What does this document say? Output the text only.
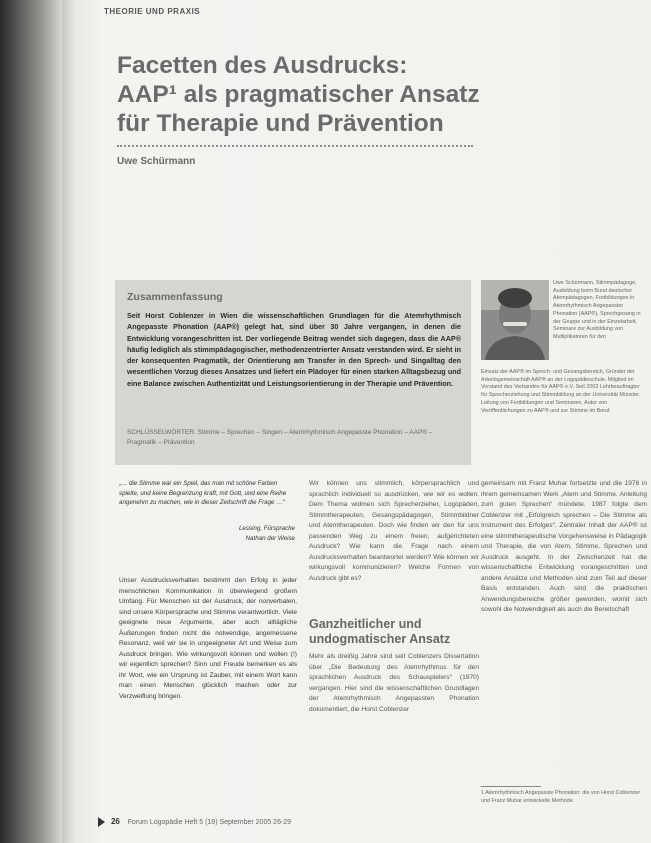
THEORIE UND PRAXIS
Facetten des Ausdrucks:
AAP¹ als pragmatischer Ansatz
für Therapie und Prävention
Uwe Schürmann
Zusammenfassung
Seit Horst Coblenzer in Wien die wissenschaftlichen Grundlagen für die Atemrhythmisch Angepasste Phonation (AAP®) gelegt hat, sind über 30 Jahre vergangen, in denen die Entwicklung vorangeschritten ist. Der vorliegende Beitrag wendet sich dagegen, dass die AAP® häufig lediglich als stimmpädagogischer, methodenzentrierter Ansatz verstanden wird. Er sieht in der konsequenten Pragmatik, der Orientierung am Transfer in den Sprech- und Singalltag den wesentlichen Vorzug dieses Ansatzes und liefert ein Plädoyer für einen starken Alltagsbezug und eine Balance zwischen Authentizität und Leistungsorientierung in der Therapie und Prävention.
SCHLÜSSELWÖRTER: Stimme – Sprechen – Singen – Atemrhythmisch Angepasste Phonation – AAP® – Pragmatik – Prävention
Uwe Schürmann, Stimmpädagoge, Ausbildung beim Bund deutscher Atempädagogen, Fortbildungen in Atemrhythmisch Angepasster Phonation (AAP®), Sprechgesang in der Gruppe und in der Einzelarbeit, Seminare zur Ausbildung von Multiplikatoren für den
Einsatz der AAP® im Sprech- und Gesangsbereich, Gründer der Arbeitsgemeinschaft AAP® an der Logopädieschule. Mitglied im Vorstand des Verbandes für AAP® e.V. Seit 2002 Lehrbeauftragter für Sprecherziehung und Stimmbildung an der Universität Münster. Leitung von Fortbildungen und Seminaren, Autor von Veröffentlichungen zu AAP® und zur Stimme im Beruf.
„… die Stimme war ein Spiel, das man mit schöne Farben spielte, und keine Begrenzung kraft, mit Gott, und eine Reihe angenehm zu machen, wie in dieser Zeitschrift die Frage …“
Lessing, Fürsprache
Nathan der Weise
Unser Ausdrucksverhalten bestimmt den Erfolg in jeder menschlichen Kommunikation in überwiegend großem Umfang. Für Menschen ist der Ausdruck, der nonverbalen, sind unsere Körpersprache und Stimme verantwortlich. Viele geeignete neue Argumente, aber auch alltägliche Äußerungen finden nicht die notwendige, angemessene Resonanz, weil wir sie in ungeeigneter Art und Weise zum Ausdruck bringen. Wie wirkungsvoll können und wollen (!) wir eigentlich sprechen? Sinn und Freude bemerken es als ihr Wort, wie ein Ursprung ist Zauber, mit einem Wort kann man einen Menschen glücklich machen oder zur Verzweiflung bringen.
Wir können uns stimmlich, körpersprachlich und sprachlich individuell so ausdrücken, wie wir es wollen. Dem Thema widmen sich Sprecherzieher, Logopäden, Stimmtherapeuten, Gesangspädagogen, Stimmbildner und Atemtherapeuten. Doch wie finden wir den für uns passenden Weg zu einem freien, aufgerichteten Ausdruck? Wie kann die Frage nach einem Ausdrucksverhalten beantwortet werden? Wie können wir wirkungsvoll kommunizieren? Welche Formen von Ausdruck gibt es?
Ganzheitlicher und undogmatischer Ansatz
Mehr als dreißig Jahre sind seit Coblenzers Dissertation über „Die Bedeutung des Atemrhythmus für den sprachlichen Ausdruck des Schauspielers“ (1970) vergangen. Hier sind die wissenschaftlichen Grundlagen der Atemrhythmisch Angepassten Phonation dokumentiert, die Horst Coblenzer
gemeinsam mit Franz Muhar fortsetzte und die 1976 in ihrem gemeinsamen Werk „Atem und Stimme. Anleitung zum guten Sprechen“ mündete. 1987 folgte dem Coblenzer mit „Erfolgreich sprechen – Die Stimme als Instrument des Erfolges“. Zentraler Inhalt der AAP® ist eine stimmtherapeutische Vorgehensweise in Pädagogik und Therapie, die von Atem, Stimme, Sprechen und Ausdruck ausgeht. In der Zwischenzeit hat die wissenschaftliche Entwicklung vorangeschritten und andere Ansätze und Methoden sind zum Teil auf dieser Basis entstanden. Auch sind die praktischen Anwendungsbereiche größer geworden, womit sich sowohl die Notwendigkeit als auch die Bereitschaft
1 Atemrhythmisch Angepasste Phonation: die von Horst Coblenzer und Franz Muhar entwickelte Methode.
26 Forum Logopädie Heft 5 (19) September 2005 26-29
